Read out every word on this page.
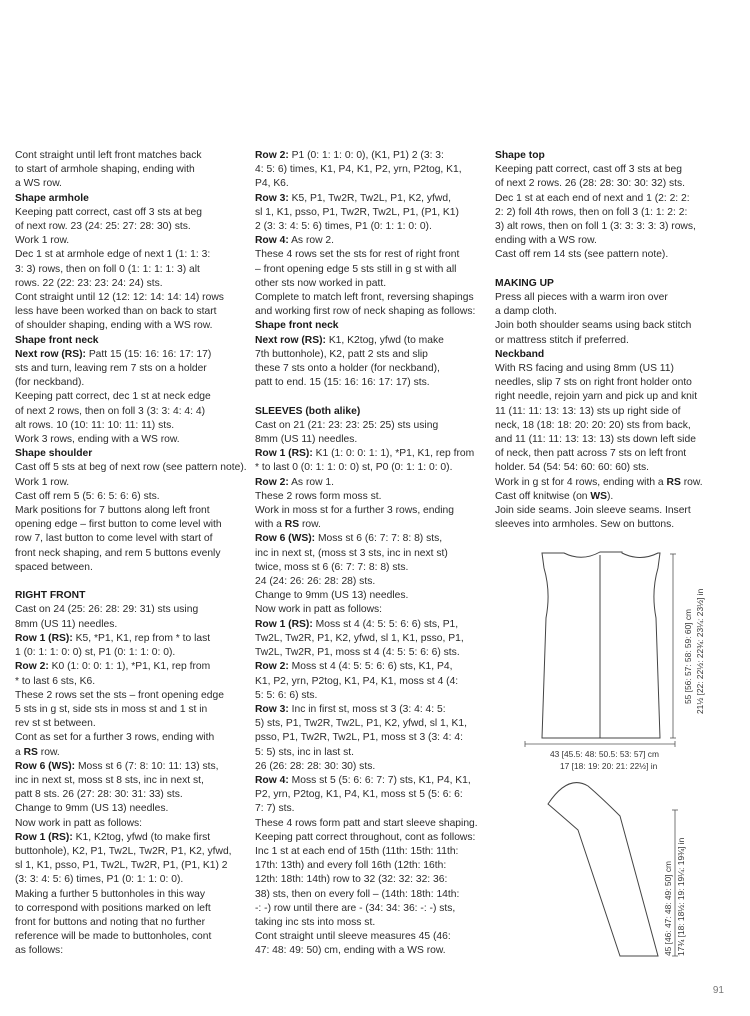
Cont straight until left front matches back

to start of armhole shaping, ending with

a WS row.

Shape armhole

Keeping patt correct, cast off 3 sts at beg

of next row. 23 (24: 25: 27: 28: 30) sts.

Work 1 row.

Dec 1 st at armhole edge of next 1 (1: 1: 3:

3: 3) rows, then on foll 0 (1: 1: 1: 1: 3) alt

rows. 22 (22: 23: 23: 24: 24) sts.

Cont straight until 12 (12: 12: 14: 14: 14) rows

less have been worked than on back to start

of shoulder shaping, ending with a WS row.

Shape front neck

Next row (RS): Patt 15 (15: 16: 16: 17: 17)

sts and turn, leaving rem 7 sts on a holder

(for neckband).

Keeping patt correct, dec 1 st at neck edge

of next 2 rows, then on foll 3 (3: 3: 4: 4: 4)

alt rows. 10 (10: 11: 10: 11: 11) sts.

Work 3 rows, ending with a WS row.

Shape shoulder

Cast off 5 sts at beg of next row (see pattern note).

Work 1 row.

Cast off rem 5 (5: 6: 5: 6: 6) sts.

Mark positions for 7 buttons along left front

opening edge – first button to come level with

row 7, last button to come level with start of

front neck shaping, and rem 5 buttons evenly

spaced between.

RIGHT FRONT

Cast on 24 (25: 26: 28: 29: 31) sts using

8mm (US 11) needles.

Row 1 (RS): K5, *P1, K1, rep from * to last

1 (0: 1: 1: 0: 0) st, P1 (0: 1: 1: 0: 0).

Row 2: K0 (1: 0: 0: 1: 1), *P1, K1, rep from

* to last 6 sts, K6.

These 2 rows set the sts – front opening edge

5 sts in g st, side sts in moss st and 1 st in

rev st st between.

Cont as set for a further 3 rows, ending with

a RS row.

Row 6 (WS): Moss st 6 (7: 8: 10: 11: 13) sts,

inc in next st, moss st 8 sts, inc in next st,

patt 8 sts. 26 (27: 28: 30: 31: 33) sts.

Change to 9mm (US 13) needles.

Now work in patt as follows:

Row 1 (RS): K1, K2tog, yfwd (to make first

buttonhole), K2, P1, Tw2L, Tw2R, P1, K2, yfwd,

sl 1, K1, psso, P1, Tw2L, Tw2R, P1, (P1, K1) 2

(3: 3: 4: 5: 6) times, P1 (0: 1: 1: 0: 0).

Making a further 5 buttonholes in this way

to correspond with positions marked on left

front for buttons and noting that no further

reference will be made to buttonholes, cont

as follows:

Row 2: P1 (0: 1: 1: 0: 0), (K1, P1) 2 (3: 3:

4: 5: 6) times, K1, P4, K1, P2, yrn, P2tog, K1,

P4, K6.

Row 3: K5, P1, Tw2R, Tw2L, P1, K2, yfwd,

sl 1, K1, psso, P1, Tw2R, Tw2L, P1, (P1, K1)

2 (3: 3: 4: 5: 6) times, P1 (0: 1: 1: 0: 0).

Row 4: As row 2.

These 4 rows set the sts for rest of right front

– front opening edge 5 sts still in g st with all

other sts now worked in patt.

Complete to match left front, reversing shapings

and working first row of neck shaping as follows:

Shape front neck

Next row (RS): K1, K2tog, yfwd (to make

7th buttonhole), K2, patt 2 sts and slip

these 7 sts onto a holder (for neckband),

patt to end. 15 (15: 16: 16: 17: 17) sts.

SLEEVES (both alike)

Cast on 21 (21: 23: 23: 25: 25) sts using

8mm (US 11) needles.

Row 1 (RS): K1 (1: 0: 0: 1: 1), *P1, K1, rep from

* to last 0 (0: 1: 1: 0: 0) st, P0 (0: 1: 1: 0: 0).

Row 2: As row 1.

These 2 rows form moss st.

Work in moss st for a further 3 rows, ending

with a RS row.

Row 6 (WS): Moss st 6 (6: 7: 7: 8: 8) sts,

inc in next st, (moss st 3 sts, inc in next st)

twice, moss st 6 (6: 7: 7: 8: 8) sts.

24 (24: 26: 26: 28: 28) sts.

Change to 9mm (US 13) needles.

Now work in patt as follows:

Row 1 (RS): Moss st 4 (4: 5: 5: 6: 6) sts, P1,

Tw2L, Tw2R, P1, K2, yfwd, sl 1, K1, psso, P1,

Tw2L, Tw2R, P1, moss st 4 (4: 5: 5: 6: 6) sts.

Row 2: Moss st 4 (4: 5: 5: 6: 6) sts, K1, P4,

K1, P2, yrn, P2tog, K1, P4, K1, moss st 4 (4:

5: 5: 6: 6) sts.

Row 3: Inc in first st, moss st 3 (3: 4: 4: 5:

5) sts, P1, Tw2R, Tw2L, P1, K2, yfwd, sl 1, K1,

psso, P1, Tw2R, Tw2L, P1, moss st 3 (3: 4: 4:

5: 5) sts, inc in last st.

26 (26: 28: 28: 30: 30) sts.

Row 4: Moss st 5 (5: 6: 6: 7: 7) sts, K1, P4, K1,

P2, yrn, P2tog, K1, P4, K1, moss st 5 (5: 6: 6:

7: 7) sts.

These 4 rows form patt and start sleeve shaping.

Keeping patt correct throughout, cont as follows:

Inc 1 st at each end of 15th (11th: 15th: 11th:

17th: 13th) and every foll 16th (12th: 16th:

12th: 18th: 14th) row to 32 (32: 32: 32: 36:

38) sts, then on every foll – (14th: 18th: 14th:

-: -) row until there are - (34: 34: 36: -: -) sts,

taking inc sts into moss st.

Cont straight until sleeve measures 45 (46:

47: 48: 49: 50) cm, ending with a WS row.

Shape top

Keeping patt correct, cast off 3 sts at beg

of next 2 rows. 26 (28: 28: 30: 30: 32) sts.

Dec 1 st at each end of next and 1 (2: 2: 2:

2: 2) foll 4th rows, then on foll 3 (1: 1: 2: 2:

3) alt rows, then on foll 1 (3: 3: 3: 3: 3) rows,

ending with a WS row.

Cast off rem 14 sts (see pattern note).

MAKING UP

Press all pieces with a warm iron over

a damp cloth.

Join both shoulder seams using back stitch

or mattress stitch if preferred.

Neckband

With RS facing and using 8mm (US 11)

needles, slip 7 sts on right front holder onto

right needle, rejoin yarn and pick up and knit

11 (11: 11: 13: 13: 13) sts up right side of

neck, 18 (18: 18: 20: 20: 20) sts from back,

and 11 (11: 11: 13: 13: 13) sts down left side

of neck, then patt across 7 sts on left front

holder. 54 (54: 54: 60: 60: 60) sts.

Work in g st for 4 rows, ending with a RS row.

Cast off knitwise (on WS).

Join side seams. Join sleeve seams. Insert

sleeves into armholes. Sew on buttons.

55 [56: 57: 58: 59: 60] cm 21½ [22: 22½: 22¾: 23¼: 23½] in
43 [45.5: 48: 50.5: 53: 57] cm
17 [18: 19: 20: 21: 22½] in
45 [46: 47: 48: 49: 50] cm 17¾ [18: 18½: 19: 19¼: 19¾] in
91
